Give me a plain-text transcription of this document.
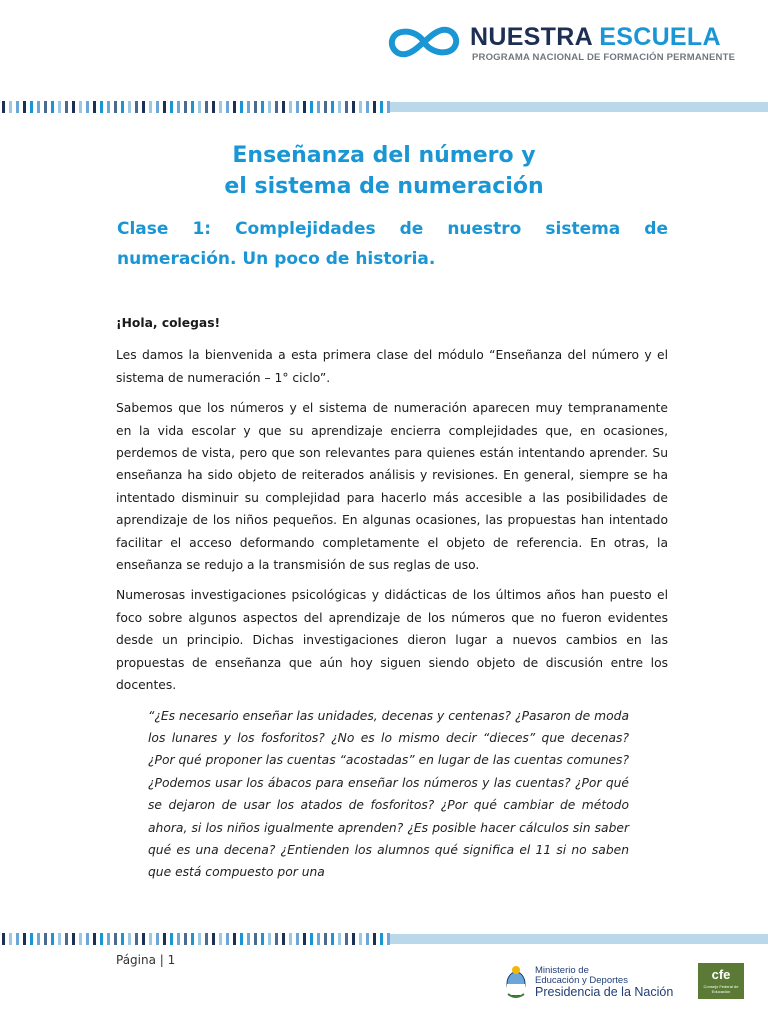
NUESTRA ESCUELA
PROGRAMA NACIONAL DE FORMACIÓN PERMANENTE
Enseñanza del número y
el sistema de numeración
Clase 1: Complejidades de nuestro sistema de
numeración. Un poco de historia.

¡Hola, colegas!

Les damos la bienvenida a esta primera clase del módulo “Enseñanza del número y el sistema de numeración – 1° ciclo”.

Sabemos que los números y el sistema de numeración aparecen muy tempranamente en la vida escolar y que su aprendizaje encierra complejidades que, en ocasiones, perdemos de vista, pero que son relevantes para quienes están intentando aprender. Su enseñanza ha sido objeto de reiterados análisis y revisiones. En general, siempre se ha intentado disminuir su complejidad para hacerlo más accesible a las posibilidades de aprendizaje de los niños pequeños. En algunas ocasiones, las propuestas han intentado facilitar el acceso deformando completamente el objeto de referencia. En otras, la enseñanza se redujo a la transmisión de sus reglas de uso.

Numerosas investigaciones psicológicas y didácticas de los últimos años han puesto el foco sobre algunos aspectos del aprendizaje de los números que no fueron evidentes desde un principio. Dichas investigaciones dieron lugar a nuevos cambios en las propuestas de enseñanza que aún hoy siguen siendo objeto de discusión entre los docentes.

“¿Es necesario enseñar las unidades, decenas y centenas? ¿Pasaron de moda los lunares y los fosforitos? ¿No es lo mismo decir “dieces” que decenas? ¿Por qué proponer las cuentas “acostadas” en lugar de las cuentas comunes? ¿Podemos usar los ábacos para enseñar los números y las cuentas? ¿Por qué se dejaron de usar los atados de fosforitos? ¿Por qué cambiar de método ahora, si los niños igualmente aprenden? ¿Es posible hacer cálculos sin saber qué es una decena? ¿Entienden los alumnos qué significa el 11 si no saben que está compuesto por una

Página | 1
Ministerio de
Educación y Deportes
Presidencia de la Nación
cfe
Consejo Federal de Educación
